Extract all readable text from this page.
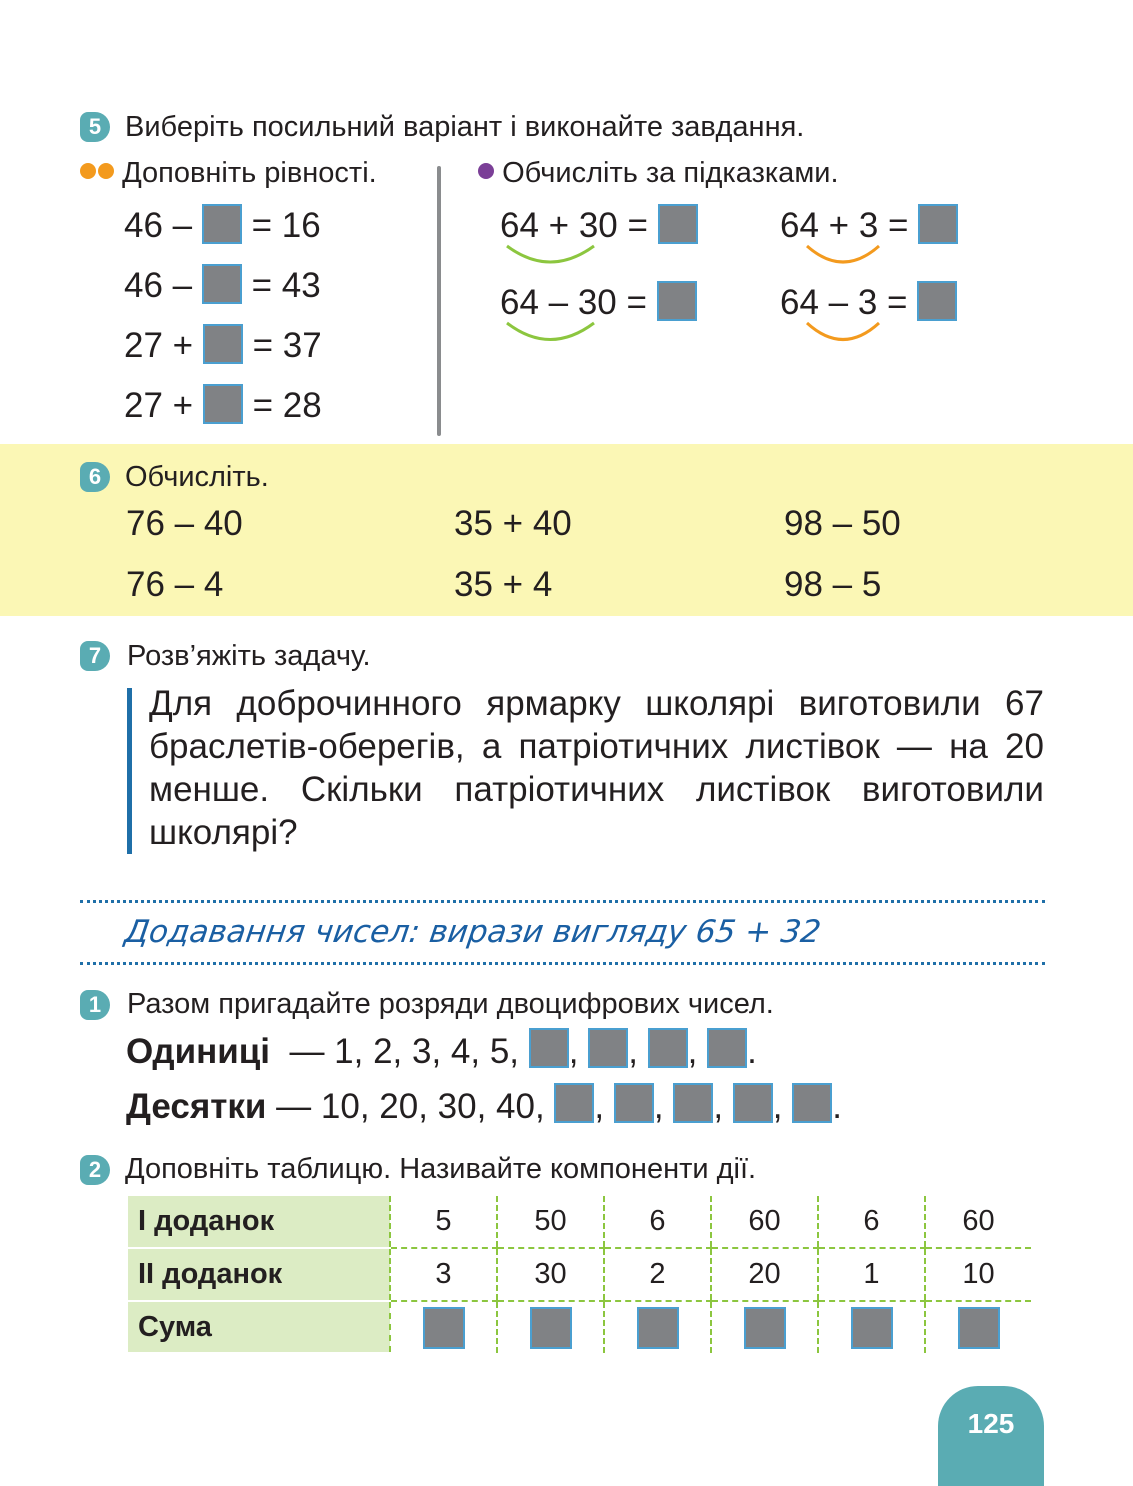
5 Виберіть посильний варіант і виконайте завдання.
Доповніть рівності.	Обчисліть за підказками.
46 – = 16
46 – = 43
27 + = 37
27 + = 28
64 + 30 =	64 + 3 =
64 – 30 =	64 – 3 =
6 Обчисліть.
76 – 40	35 + 40	98 – 50
76 – 4	35 + 4	98 – 5
7 Розв’яжіть задачу.
Для доброчинного ярмарку школярі виготовили 67 браслетів-оберегів, а патріотичних листівок — на 20 менше. Скільки патріотичних листівок виготовили школярі?
Додавання чисел: вирази вигляду 65 + 32
1 Разом пригадайте розряди двоцифрових чисел.
Одиниці — 1, 2, 3, 4, 5, , , , .
Десятки — 10, 20, 30, 40, , , , , .
2 Доповніть таблицю. Називайте компоненти дії.
І доданок	5	50	6	60	6	60
ІІ доданок	3	30	2	20	1	10
Сума						
125
